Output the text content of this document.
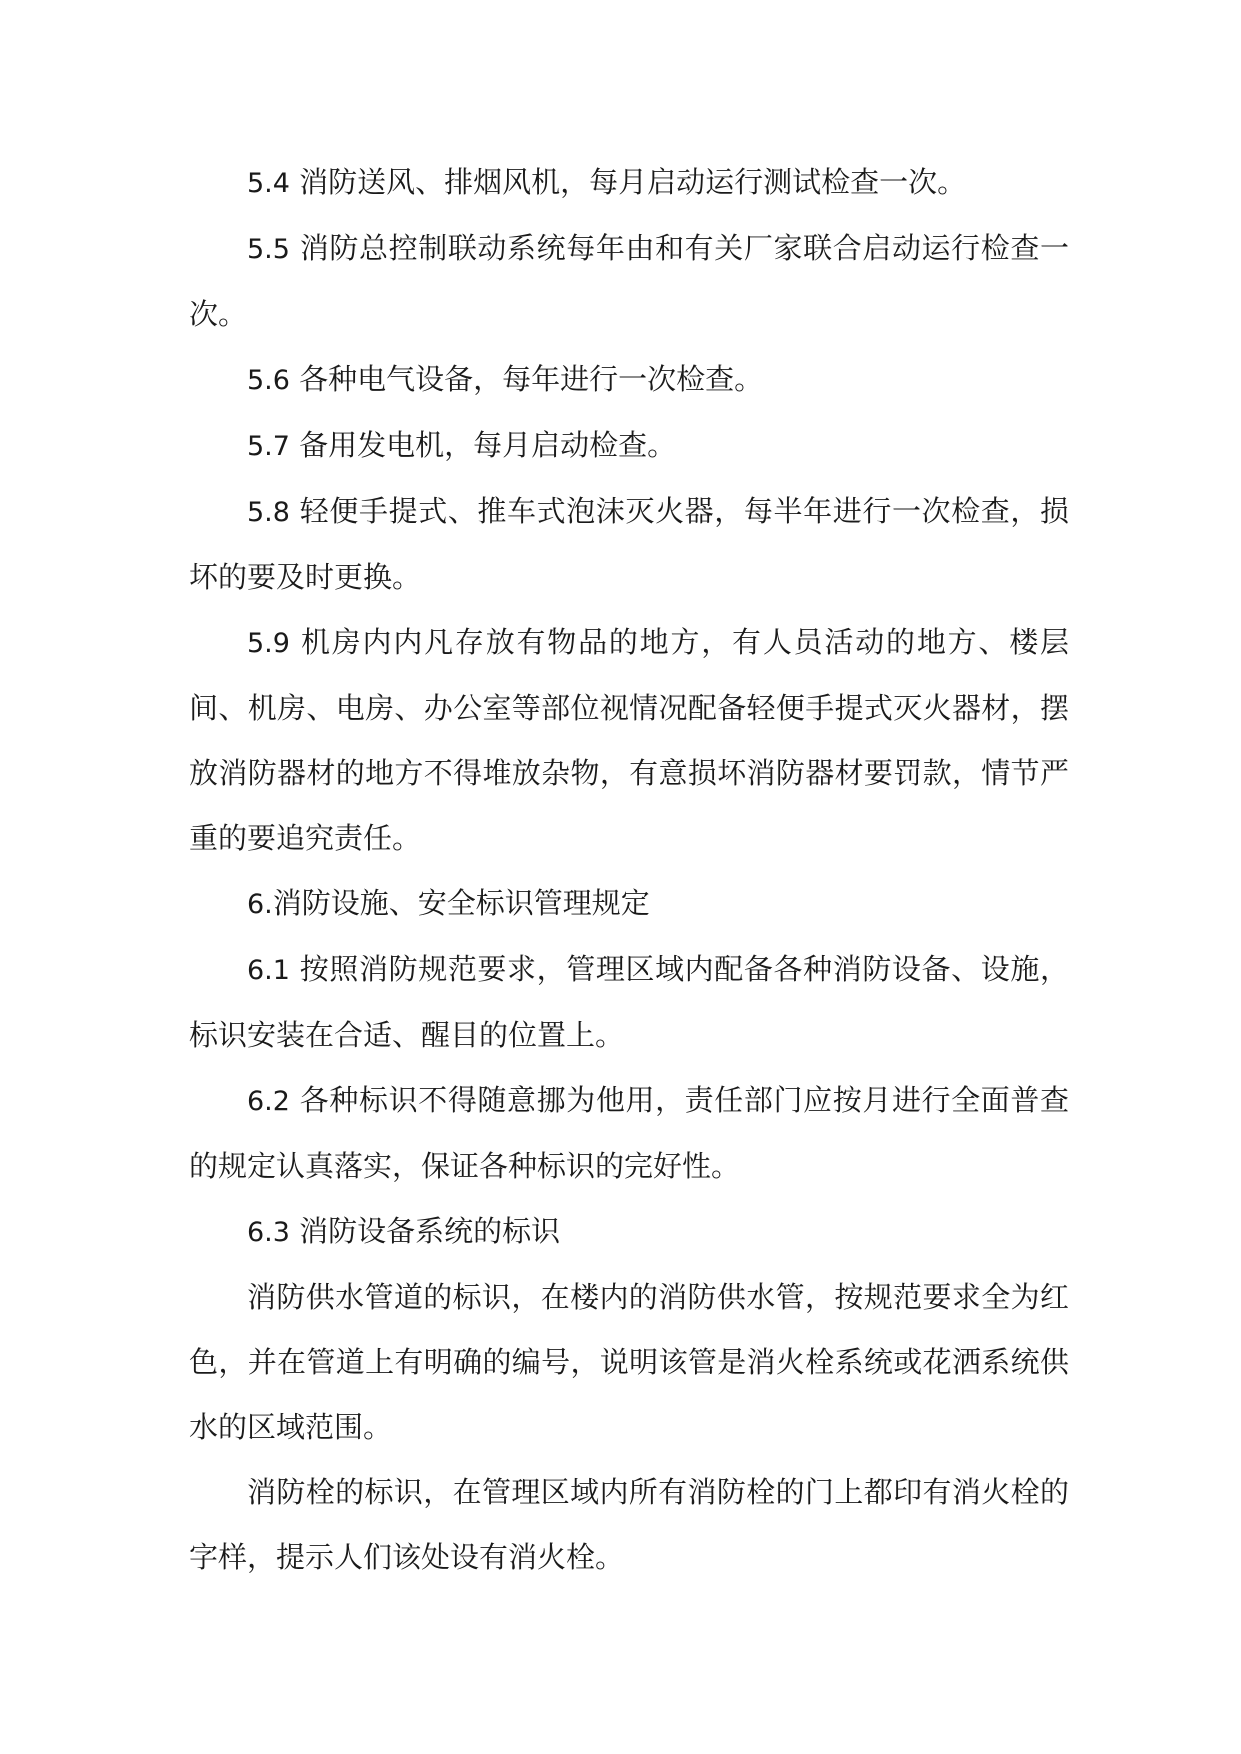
5.4 消防送风、排烟风机，每月启动运行测试检查一次。

5.5 消防总控制联动系统每年由和有关厂家联合启动运行检查一次。

5.6 各种电气设备，每年进行一次检查。

5.7 备用发电机，每月启动检查。

5.8 轻便手提式、推车式泡沫灭火器，每半年进行一次检查，损坏的要及时更换。

5.9 机房内内凡存放有物品的地方，有人员活动的地方、楼层间、机房、电房、办公室等部位视情况配备轻便手提式灭火器材，摆放消防器材的地方不得堆放杂物，有意损坏消防器材要罚款，情节严重的要追究责任。

6.消防设施、安全标识管理规定

6.1 按照消防规范要求，管理区域内配备各种消防设备、设施，标识安装在合适、醒目的位置上。

6.2 各种标识不得随意挪为他用，责任部门应按月进行全面普查的规定认真落实，保证各种标识的完好性。

6.3 消防设备系统的标识

消防供水管道的标识，在楼内的消防供水管，按规范要求全为红色，并在管道上有明确的编号，说明该管是消火栓系统或花洒系统供水的区域范围。

消防栓的标识，在管理区域内所有消防栓的门上都印有消火栓的字样，提示人们该处设有消火栓。
